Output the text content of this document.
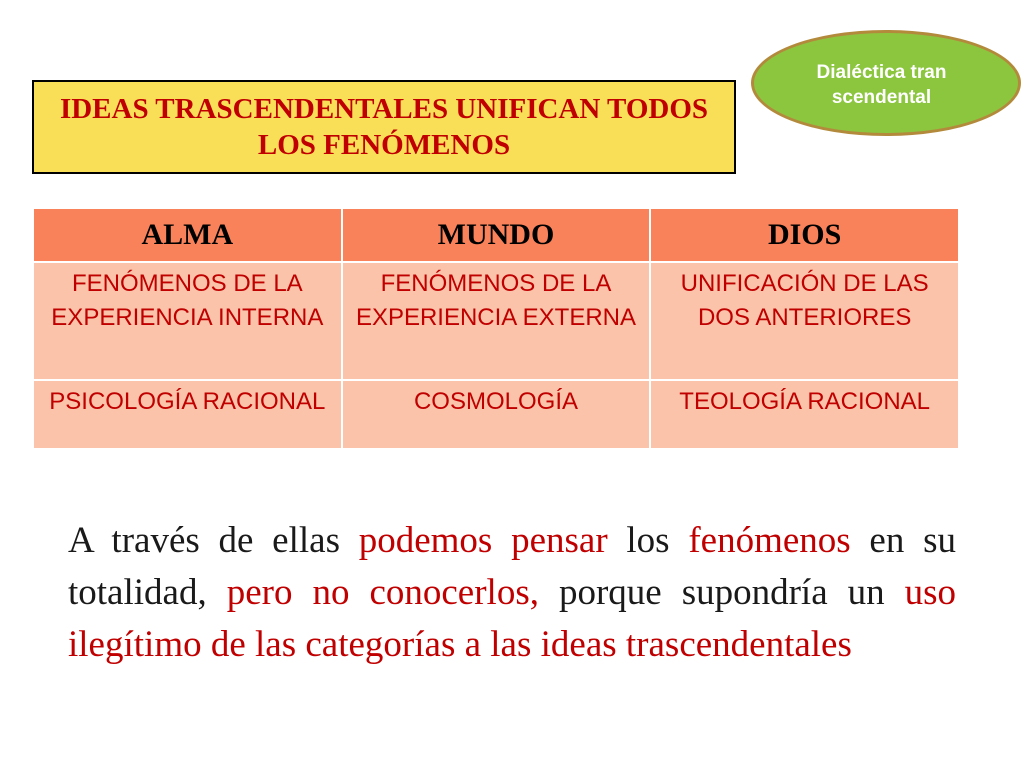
Dialéctica transcendental
IDEAS TRASCENDENTALES UNIFICAN TODOS LOS FENÓMENOS
ALMA	MUNDO	DIOS
FENÓMENOS DE LA EXPERIENCIA INTERNA	FENÓMENOS DE LA EXPERIENCIA EXTERNA	UNIFICACIÓN DE LAS DOS ANTERIORES
PSICOLOGÍA RACIONAL	COSMOLOGÍA	TEOLOGÍA RACIONAL
A través de ellas podemos pensar los fenómenos en su totalidad, pero no conocerlos, porque supondría un uso ilegítimo de las categorías a las ideas trascendentales
